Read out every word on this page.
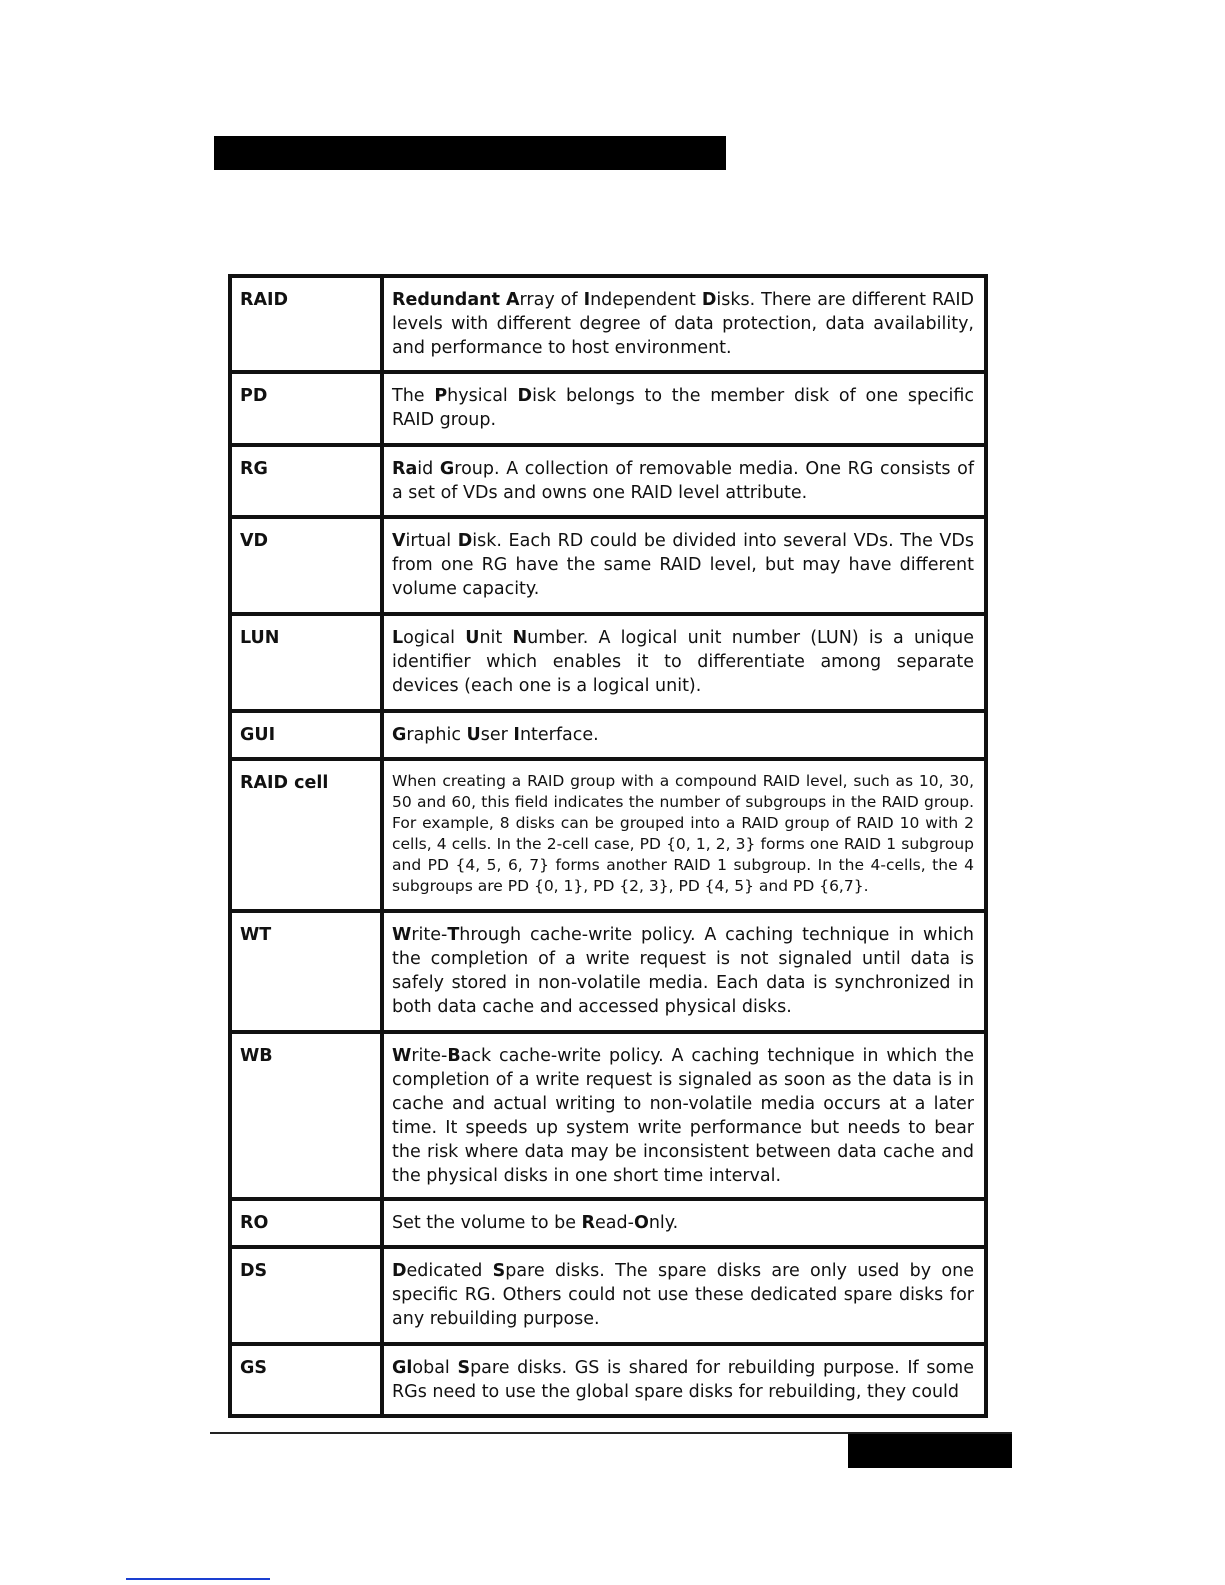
RAID	Redundant Array of Independent Disks. There are different RAID levels with different degree of data protection, data availability, and performance to host environment.
PD	The Physical Disk belongs to the member disk of one specific RAID group.
RG	Raid Group. A collection of removable media. One RG consists of a set of VDs and owns one RAID level attribute.
VD	Virtual Disk. Each RD could be divided into several VDs. The VDs from one RG have the same RAID level, but may have different volume capacity.
LUN	Logical Unit Number. A logical unit number (LUN) is a unique identifier which enables it to differentiate among separate devices (each one is a logical unit).
GUI	Graphic User Interface.
RAID cell	When creating a RAID group with a compound RAID level, such as 10, 30, 50 and 60, this field indicates the number of subgroups in the RAID group. For example, 8 disks can be grouped into a RAID group of RAID 10 with 2 cells, 4 cells. In the 2-cell case, PD {0, 1, 2, 3} forms one RAID 1 subgroup and PD {4, 5, 6, 7} forms another RAID 1 subgroup. In the 4-cells, the 4 subgroups are PD {0, 1}, PD {2, 3}, PD {4, 5} and PD {6,7}.
WT	Write-Through cache-write policy. A caching technique in which the completion of a write request is not signaled until data is safely stored in non-volatile media. Each data is synchronized in both data cache and accessed physical disks.
WB	Write-Back cache-write policy. A caching technique in which the completion of a write request is signaled as soon as the data is in cache and actual writing to non-volatile media occurs at a later time. It speeds up system write performance but needs to bear the risk where data may be inconsistent between data cache and the physical disks in one short time interval.
RO	Set the volume to be Read-Only.
DS	Dedicated Spare disks. The spare disks are only used by one specific RG. Others could not use these dedicated spare disks for any rebuilding purpose.
GS	Global Spare disks. GS is shared for rebuilding purpose. If some RGs need to use the global spare disks for rebuilding, they could
